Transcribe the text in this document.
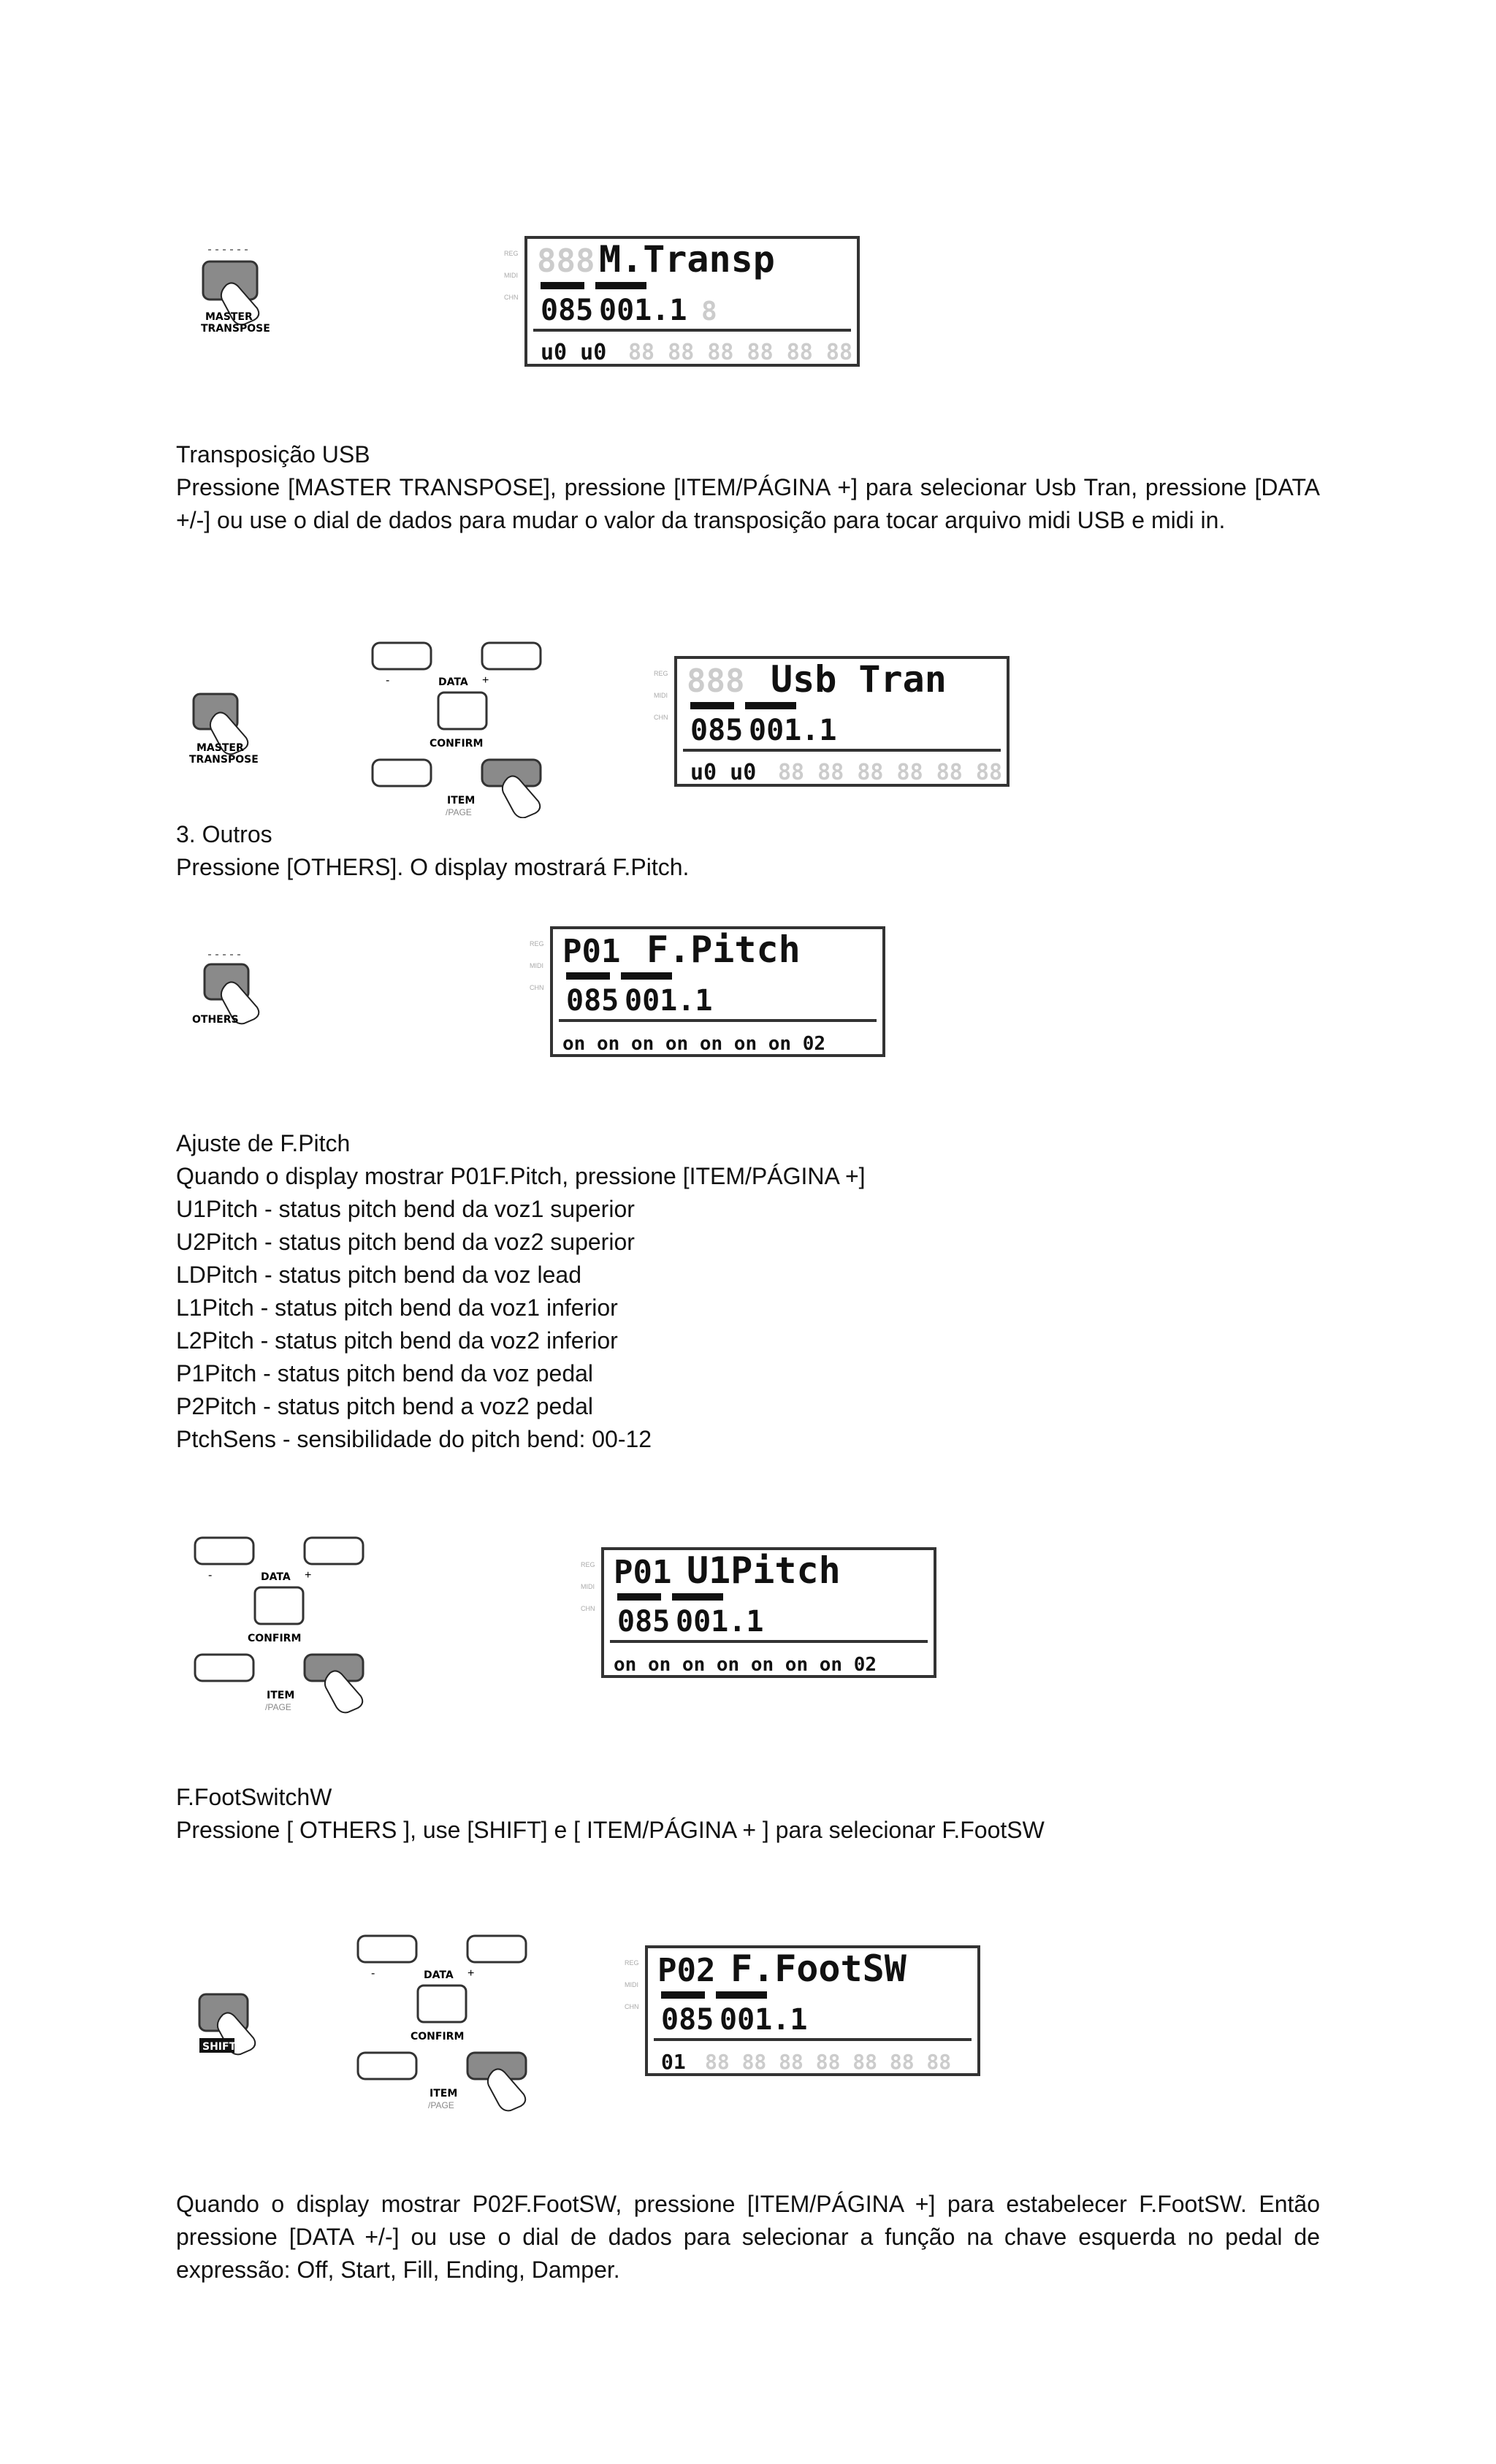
MASTER
TRANSPOSE
REG
MIDI
CHN
888 M.Transp
085 001.1 8
u0 u0 88 88 88 88 88 88

Transposição USB

Pressione [MASTER TRANSPOSE], pressione [ITEM/PÁGINA +] para selecionar Usb Tran, pressione [DATA +/-] ou use o dial de dados para mudar o valor da transposição para tocar arquivo midi USB e midi in.

MASTER
TRANSPOSE
-	+
DATA
CONFIRM
ITEM
/PAGE
REG
MIDI
CHN
888 Usb Tran
085 001.1
u0 u0 88 88 88 88 88 88

3. Outros

Pressione [OTHERS]. O display mostrará F.Pitch.

OTHERS
REG
MIDI
CHN
P01 F.Pitch
085 001.1
on on on on on on on 02

Ajuste de F.Pitch

Quando o display mostrar P01F.Pitch, pressione [ITEM/PÁGINA +]

U1Pitch - status pitch bend da voz1 superior

U2Pitch - status pitch bend da voz2 superior

LDPitch - status pitch bend da voz lead

L1Pitch - status pitch bend da voz1 inferior

L2Pitch - status pitch bend da voz2 inferior

P1Pitch - status pitch bend da voz pedal

P2Pitch - status pitch bend a voz2 pedal

PtchSens - sensibilidade do pitch bend: 00-12

-	+
DATA
CONFIRM
ITEM
/PAGE
REG
MIDI
CHN
P01 U1Pitch
085 001.1
on on on on on on on 02

F.FootSwitchW

Pressione [ OTHERS ], use [SHIFT] e [ ITEM/PÁGINA + ] para selecionar F.FootSW

SHIFT
-	+
DATA
CONFIRM
ITEM
/PAGE
REG
MIDI
CHN
P02 F.FootSW
085 001.1
01 88 88 88 88 88 88 88

Quando o display mostrar P02F.FootSW, pressione [ITEM/PÁGINA +] para estabelecer F.FootSW. Então pressione [DATA +/-] ou use o dial de dados para selecionar a função na chave esquerda no pedal de expressão: Off, Start, Fill, Ending, Damper.
